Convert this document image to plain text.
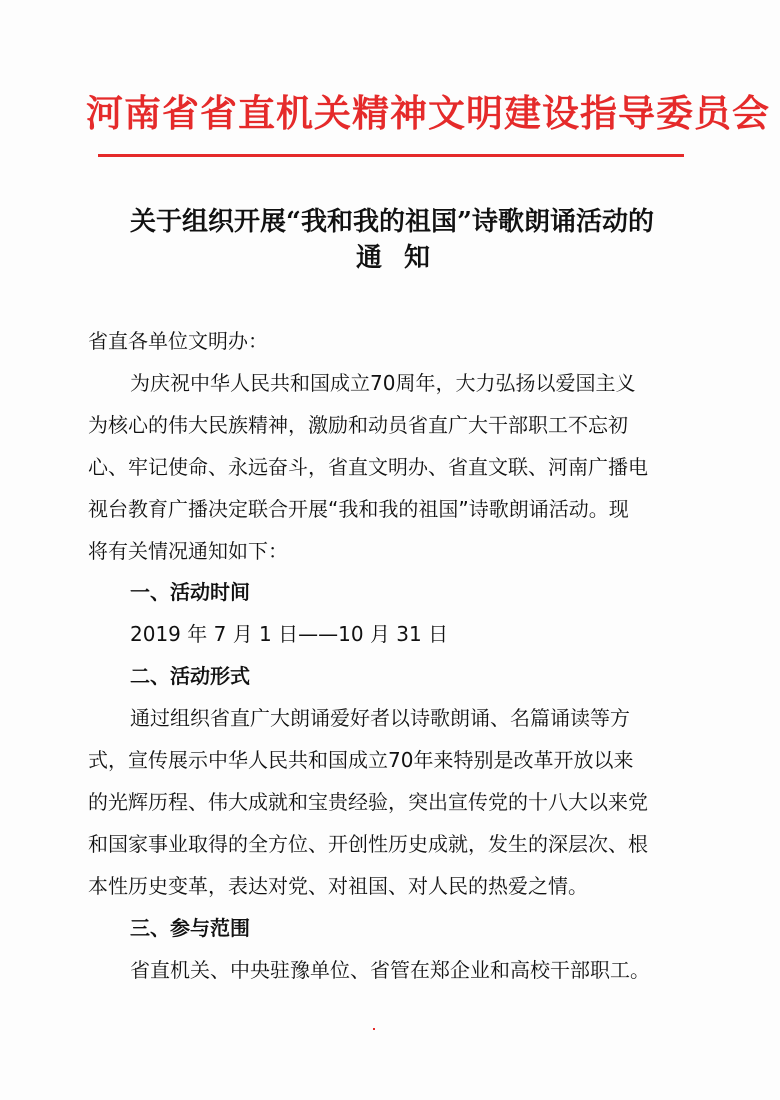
河南省省直机关精神文明建设指导委员会
关于组织开展“我和我的祖国”诗歌朗诵活动的
通知
省直各单位文明办：
为庆祝中华人民共和国成立70周年，大力弘扬以爱国主义
为核心的伟大民族精神，激励和动员省直广大干部职工不忘初
心、牢记使命、永远奋斗，省直文明办、省直文联、河南广播电
视台教育广播决定联合开展“我和我的祖国”诗歌朗诵活动。现
将有关情况通知如下：
一、活动时间
2019 年 7 月 1 日——10 月 31 日
二、活动形式
通过组织省直广大朗诵爱好者以诗歌朗诵、名篇诵读等方
式，宣传展示中华人民共和国成立70年来特别是改革开放以来
的光辉历程、伟大成就和宝贵经验，突出宣传党的十八大以来党
和国家事业取得的全方位、开创性历史成就，发生的深层次、根
本性历史变革，表达对党、对祖国、对人民的热爱之情。
三、参与范围
省直机关、中央驻豫单位、省管在郑企业和高校干部职工。
